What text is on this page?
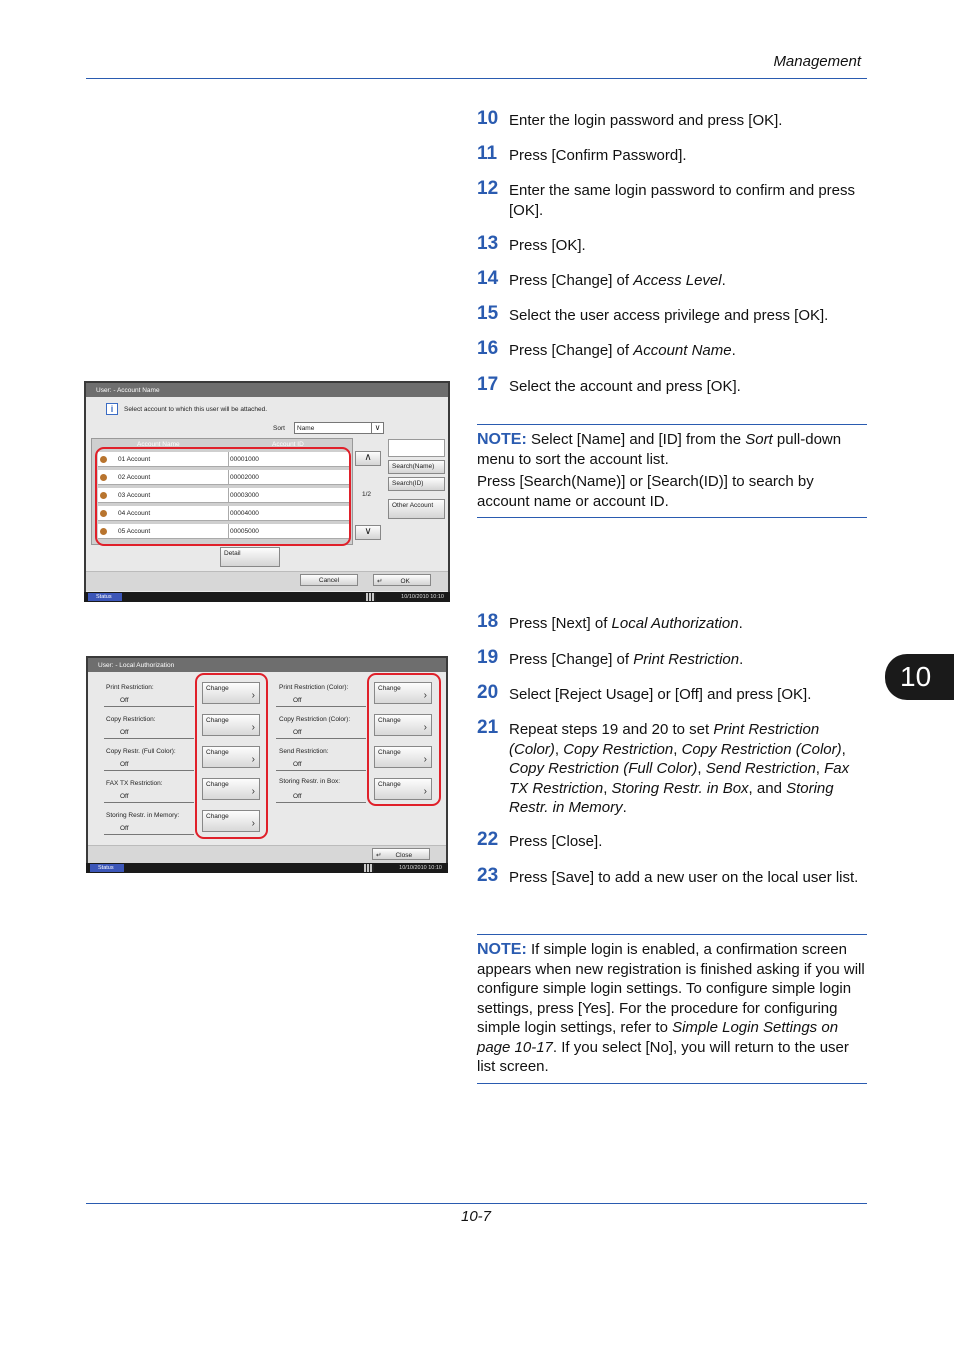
Management
10-7
10
10 Enter the login password and press [OK].
11 Press [Confirm Password].
12 Enter the same login password to confirm and press [OK].
13 Press [OK].
14 Press [Change] of Access Level.
15 Select the user access privilege and press [OK].
16 Press [Change] of Account Name.
17 Select the account and press [OK].

NOTE: Select [Name] and [ID] from the Sort pull-down menu to sort the account list.

Press [Search(Name)] or [Search(ID)] to search by account name or account ID.

18 Press [Next] of Local Authorization.
19 Press [Change] of Print Restriction.
20 Select [Reject Usage] or [Off] and press [OK].
21 Repeat steps 19 and 20 to set Print Restriction (Color), Copy Restriction, Copy Restriction (Color), Copy Restriction (Full Color), Send Restriction, Fax TX Restriction, Storing Restr. in Box, and Storing Restr. in Memory.
22 Press [Close].
23 Press [Save] to add a new user on the local user list.

NOTE: If simple login is enabled, a confirmation screen appears when new registration is finished asking if you will configure simple login settings. To configure simple login settings, press [Yes]. For the procedure for configuring simple login settings, refer to Simple Login Settings on page 10-17. If you select [No], you will return to the user list screen.

User: - Account Name
i	Select account to which this user will be attached.
Sort Name	∨
Account Name	Account ID
01 Account	00001000
02 Account	00002000
03 Account	00003000
04 Account	00004000
05 Account	00005000
∧
1/2
∨
Search(Name)
Search(ID)
Other Account
Detail
Cancel	↵	OK
Status	10/10/2010 10:10
User: - Local Authorization
Print Restriction:
Off
Change
›
Copy Restriction:
Off
Change
›
Copy Restr. (Full Color):
Off
Change
›
FAX TX Restriction:
Off
Change
›
Storing Restr. in Memory:
Off
Change
›
Print Restriction (Color):
Off
Change
›
Copy Restriction (Color):
Off
Change
›
Send Restriction:
Off
Change
›
Storing Restr. in Box:
Off
Change
›
↵ Close
Status	10/10/2010 10:10
